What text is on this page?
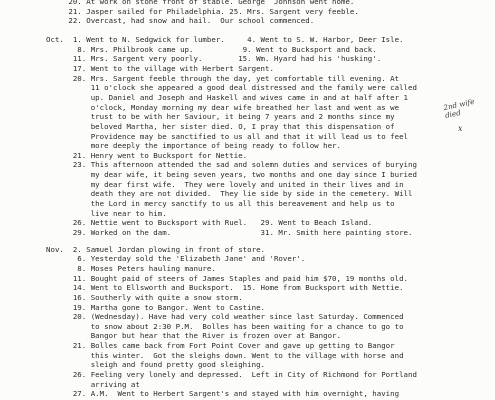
20. At work on stone front of stable. George  Johnson went home.
21. Jasper sailed for Philadelphia. 25. Mrs. Sargent very feeble.
22. Overcast, had snow and hail.  Our school commenced.
Oct.  1. Went to N. Sedgwick for lumber.     4. Went to S. W. Harbor, Deer Isle.
8. Mrs. Philbrook came up.           9. Went to Bucksport and back.
11. Mrs. Sargent very poorly.        15. Wm. Hyard had his 'husking'.
17. Went to the village with Herbert Sargent.
20. Mrs. Sargent feeble through the day, yet comfortable till evening. At
11 o'clock she appeared a good deal distressed and the family were called
up. Daniel and Joseph and Haskell and wives came in and at half after 1
o'clock, Monday morning my dear wife breathed her last and went as we
trust to be with her Saviour, it being 7 years and 2 months since my
beloved Martha, her sister died. O, I pray that this dispensation of
Providence may be sanctified to us all and that it will lead us to feel
more deeply the importance of being ready to follow her.
21. Henry went to Bucksport for Nettie.
23. This afternoon attended the sad and solemn duties and services of burying
my dear wife, it being seven years, two months and one day since I buried
my dear first wife.  They were lovely and united in their lives and in
death they are not divided.  They lie side by side in the cemetery. Will
the Lord in mercy sanctify to us all this bereavement and help us to
live near to him.
26. Nettie went to Bucksport with Ruel.   29. Went to Beach Island.
29. Worked on the dam.                    31. Mr. Smith here painting store.
Nov.  2. Samuel Jordan plowing in front of store.
6. Yesterday sold the 'Elizabeth Jane' and 'Rover'.
8. Moses Peters hauling manure.
11. Bought paid of steers of James Staples and paid him $70, 19 months old.
14. Went to Ellsworth and Bucksport.  15. Home from Bucksport with Nettie.
16. Southerly with quite a snow storm.
19. Martha gone to Bangor. Went to Castine.
20. (Wednesday). Have had very cold weather since last Saturday. Commenced
to snow about 2:30 P.M.  Bolles has been waiting for a chance to go to
Bangor but hear that the River is frozen over at Bangor.
21. Bolles came back from Fort Point Cover and gave up getting to Bangor
this winter.  Got the sleighs down. Went to the village with horse and
sleigh and found pretty good sleighing.
26. Feeling very lonely and depressed.  Left in City of Richmond for Portland
arriving at
27. A.M.  Went to Herbert Sargent's and stayed with him overnight, having
2nd wife died
x
